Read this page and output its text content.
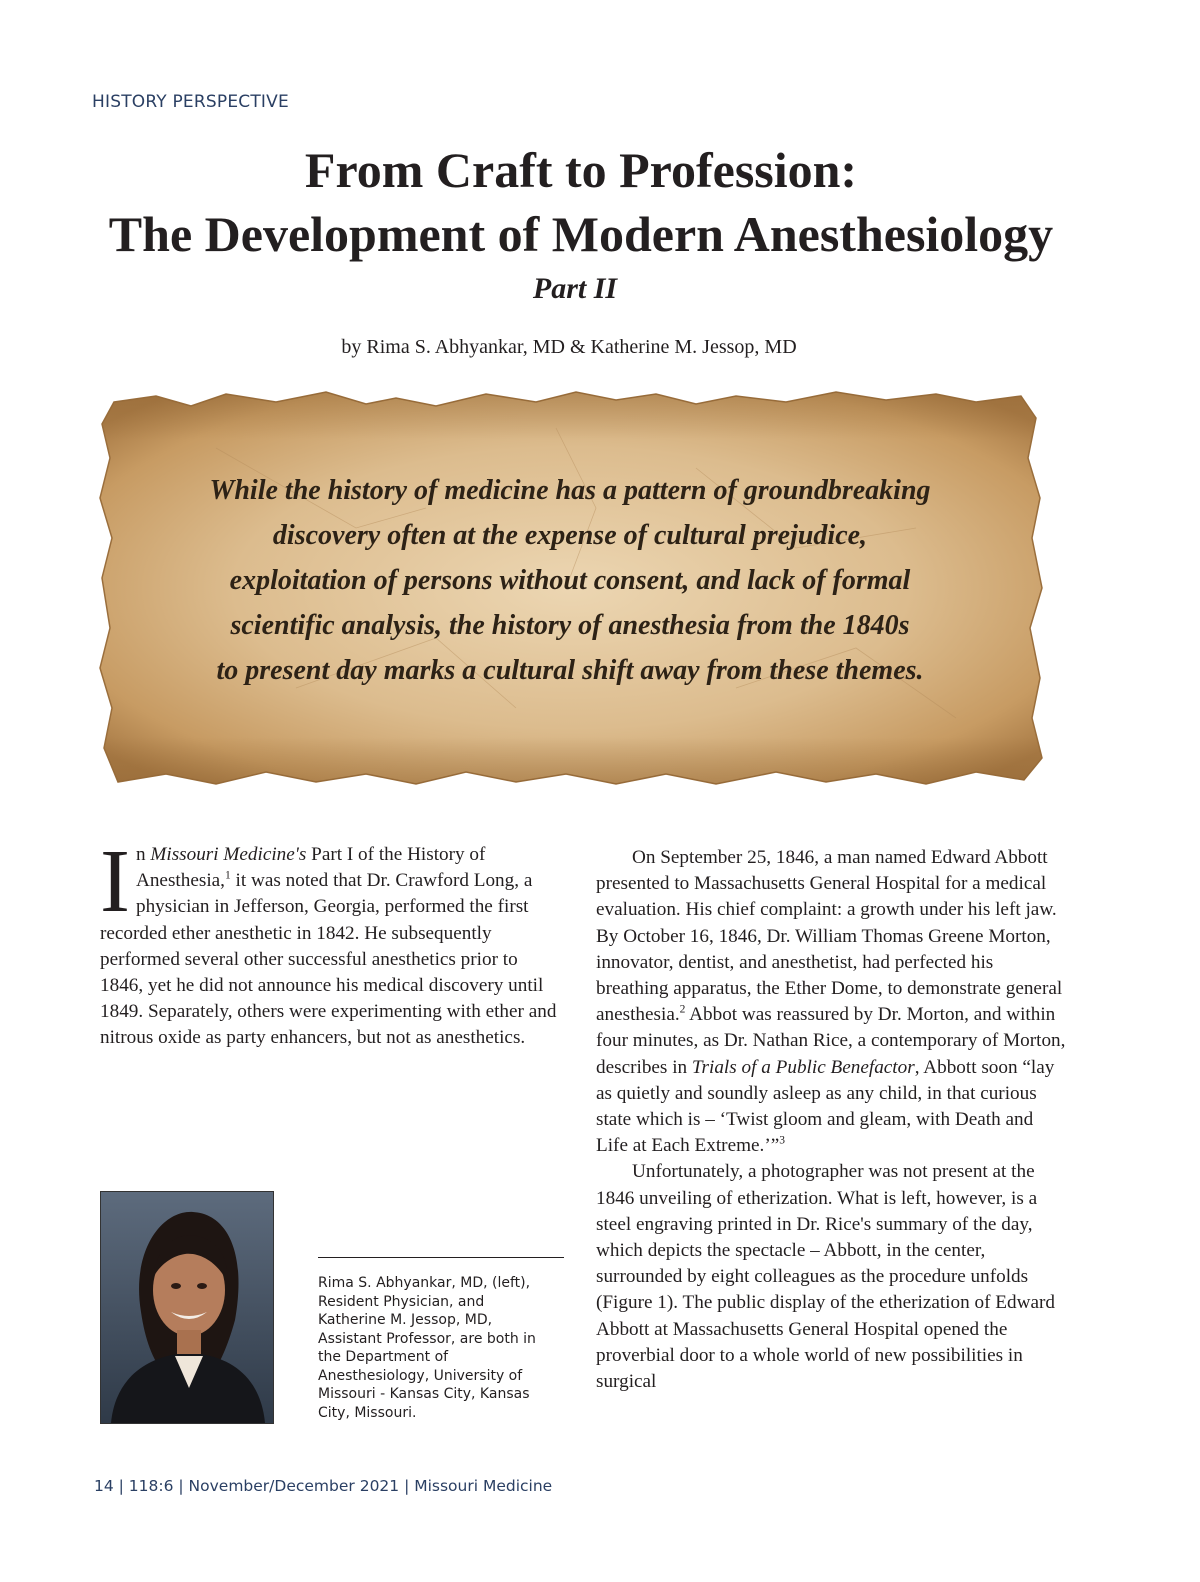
HISTORY PERSPECTIVE
From Craft to Profession:
The Development of Modern Anesthesiology
Part II
by Rima S. Abhyankar, MD & Katherine M. Jessop, MD
While the history of medicine has a pattern of groundbreaking
discovery often at the expense of cultural prejudice,
exploitation of persons without consent, and lack of formal
scientific analysis, the history of anesthesia from the 1840s
to present day marks a cultural shift away from these themes.

In Missouri Medicine's Part I of the History of Anesthesia,$^1$ it was noted that Dr. Crawford Long, a physician in Jefferson, Georgia, performed the first recorded ether anesthetic in 1842. He subsequently performed several other successful anesthetics prior to 1846, yet he did not announce his medical discovery until 1849. Separately, others were experimenting with ether and nitrous oxide as party enhancers, but not as anesthetics.

Rima S. Abhyankar, MD, (left), Resident Physician, and Katherine M. Jessop, MD, Assistant Professor, are both in the Department of Anesthesiology, University of Missouri - Kansas City, Kansas City, Missouri.

On September 25, 1846, a man named Edward Abbott presented to Massachusetts General Hospital for a medical evaluation. His chief complaint: a growth under his left jaw. By October 16, 1846, Dr. William Thomas Greene Morton, innovator, dentist, and anesthetist, had perfected his breathing apparatus, the Ether Dome, to demonstrate general anesthesia.$^2$ Abbot was reassured by Dr. Morton, and within four minutes, as Dr. Nathan Rice, a contemporary of Morton, describes in Trials of a Public Benefactor, Abbott soon “lay as quietly and soundly asleep as any child, in that curious state which is – ‘Twist gloom and gleam, with Death and Life at Each Extreme.’”$^3$

Unfortunately, a photographer was not present at the 1846 unveiling of etherization. What is left, however, is a steel engraving printed in Dr. Rice's summary of the day, which depicts the spectacle – Abbott, in the center, surrounded by eight colleagues as the procedure unfolds (Figure 1). The public display of the etherization of Edward Abbott at Massachusetts General Hospital opened the proverbial door to a whole world of new possibilities in surgical

14 | 118:6 | November/December 2021 | Missouri Medicine
